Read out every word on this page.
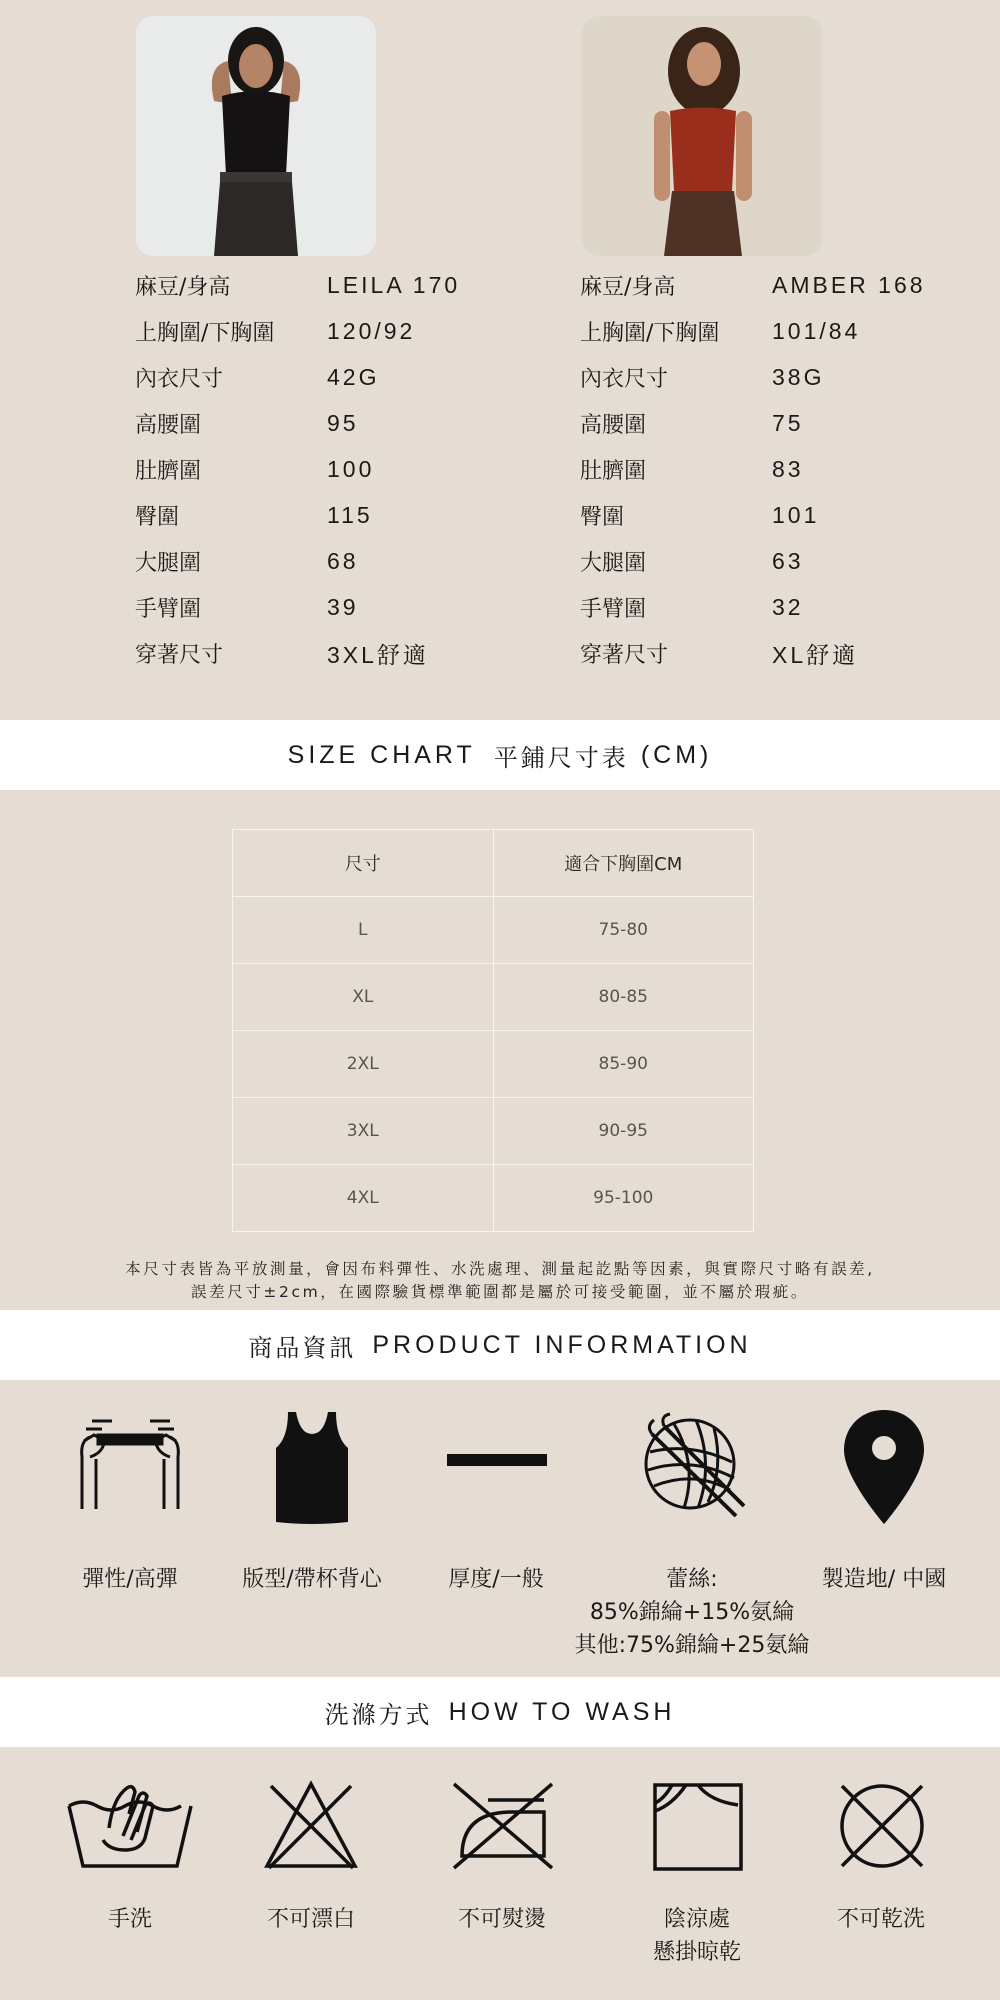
麻豆/身高	LEILA 170
上胸圍/下胸圍	120/92
內衣尺寸	42G
高腰圍	95
肚臍圍	100
臀圍	115
大腿圍	68
手臂圍	39
穿著尺寸	3XL舒適
麻豆/身高	AMBER 168
上胸圍/下胸圍	101/84
內衣尺寸	38G
高腰圍	75
肚臍圍	83
臀圍	101
大腿圍	63
手臂圍	32
穿著尺寸	XL舒適
SIZE CHART 平鋪尺寸表 (CM)
尺寸	適合下胸圍CM
L	75-80
XL	80-85
2XL	85-90
3XL	90-95
4XL	95-100
本尺寸表皆為平放測量，會因布料彈性、水洗處理、測量起訖點等因素，與實際尺寸略有誤差,
誤差尺寸±2cm，在國際驗貨標準範圍都是屬於可接受範圍，並不屬於瑕疵。
商品資訊 PRODUCT INFORMATION
彈性/高彈	版型/帶杯背心	厚度/一般	蕾絲:
85%錦綸+15%氨綸
其他:75%錦綸+25氨綸
製造地/ 中國
洗滌方式 HOW TO WASH
手洗	不可漂白	不可熨燙	陰涼處
懸掛晾乾
不可乾洗
